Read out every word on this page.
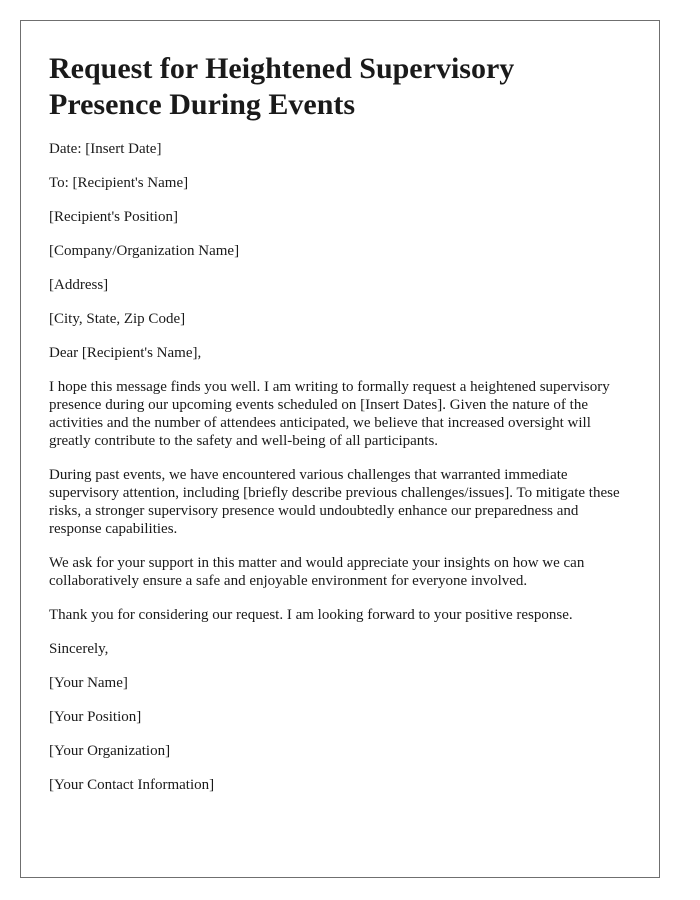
Request for Heightened Supervisory Presence During Events

Date: [Insert Date]

To: [Recipient's Name]

[Recipient's Position]

[Company/Organization Name]

[Address]

[City, State, Zip Code]

Dear [Recipient's Name],

I hope this message finds you well. I am writing to formally request a heightened supervisory presence during our upcoming events scheduled on [Insert Dates]. Given the nature of the activities and the number of attendees anticipated, we believe that increased oversight will greatly contribute to the safety and well-being of all participants.

During past events, we have encountered various challenges that warranted immediate supervisory attention, including [briefly describe previous challenges/issues]. To mitigate these risks, a stronger supervisory presence would undoubtedly enhance our preparedness and response capabilities.

We ask for your support in this matter and would appreciate your insights on how we can collaboratively ensure a safe and enjoyable environment for everyone involved.

Thank you for considering our request. I am looking forward to your positive response.

Sincerely,

[Your Name]

[Your Position]

[Your Organization]

[Your Contact Information]
